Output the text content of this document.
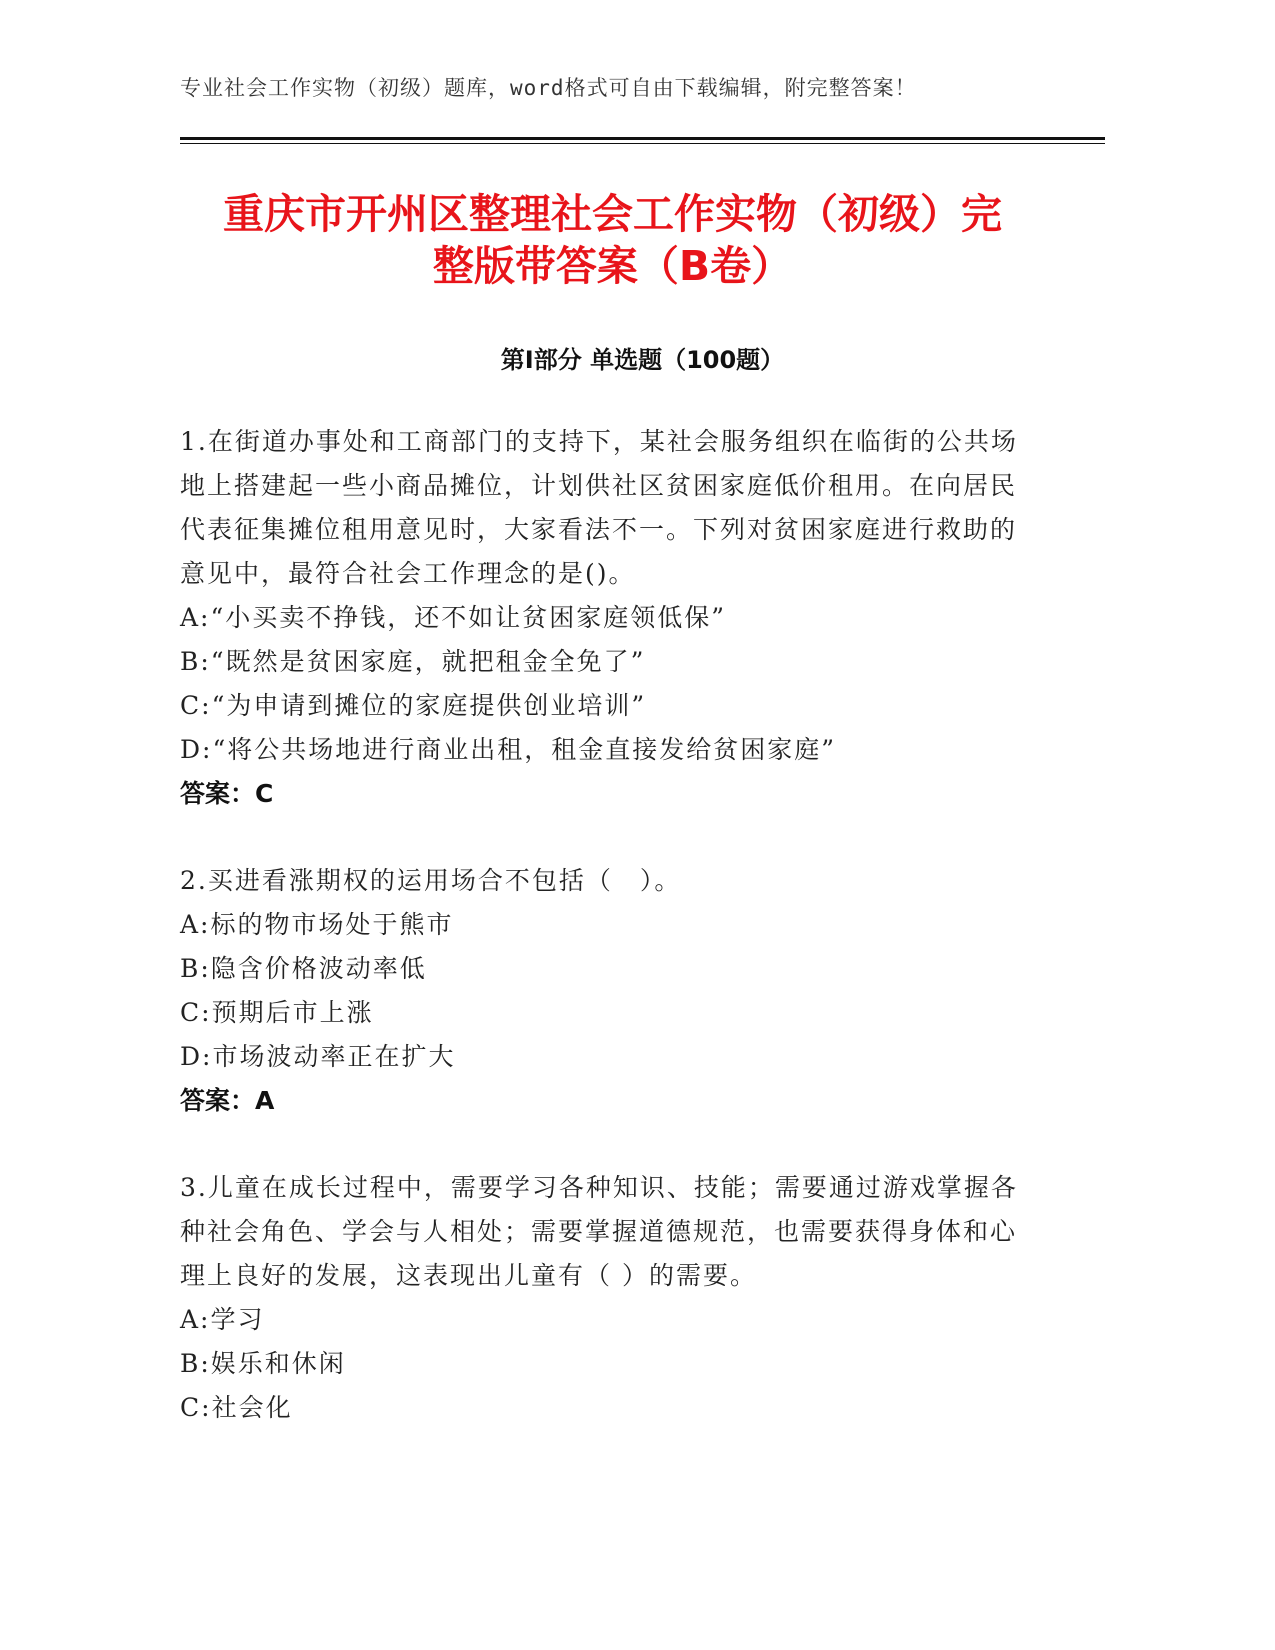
专业社会工作实物（初级）题库，word格式可自由下载编辑，附完整答案！
重庆市开州区整理社会工作实物（初级）完
整版带答案（B卷）
第Ⅰ部分 单选题（100题）
1.在街道办事处和工商部门的支持下，某社会服务组织在临街的公共场地上搭建起一些小商品摊位，计划供社区贫困家庭低价租用。在向居民代表征集摊位租用意见时，大家看法不一。下列对贫困家庭进行救助的意见中，最符合社会工作理念的是()。
A:“小买卖不挣钱，还不如让贫困家庭领低保”
B:“既然是贫困家庭，就把租金全免了”
C:“为申请到摊位的家庭提供创业培训”
D:“将公共场地进行商业出租，租金直接发给贫困家庭”
答案：C
2.买进看涨期权的运用场合不包括（　）。
A:标的物市场处于熊市
B:隐含价格波动率低
C:预期后市上涨
D:市场波动率正在扩大
答案：A
3.儿童在成长过程中，需要学习各种知识、技能；需要通过游戏掌握各种社会角色、学会与人相处；需要掌握道德规范，也需要获得身体和心理上良好的发展，这表现出儿童有（ ）的需要。
A:学习
B:娱乐和休闲
C:社会化
